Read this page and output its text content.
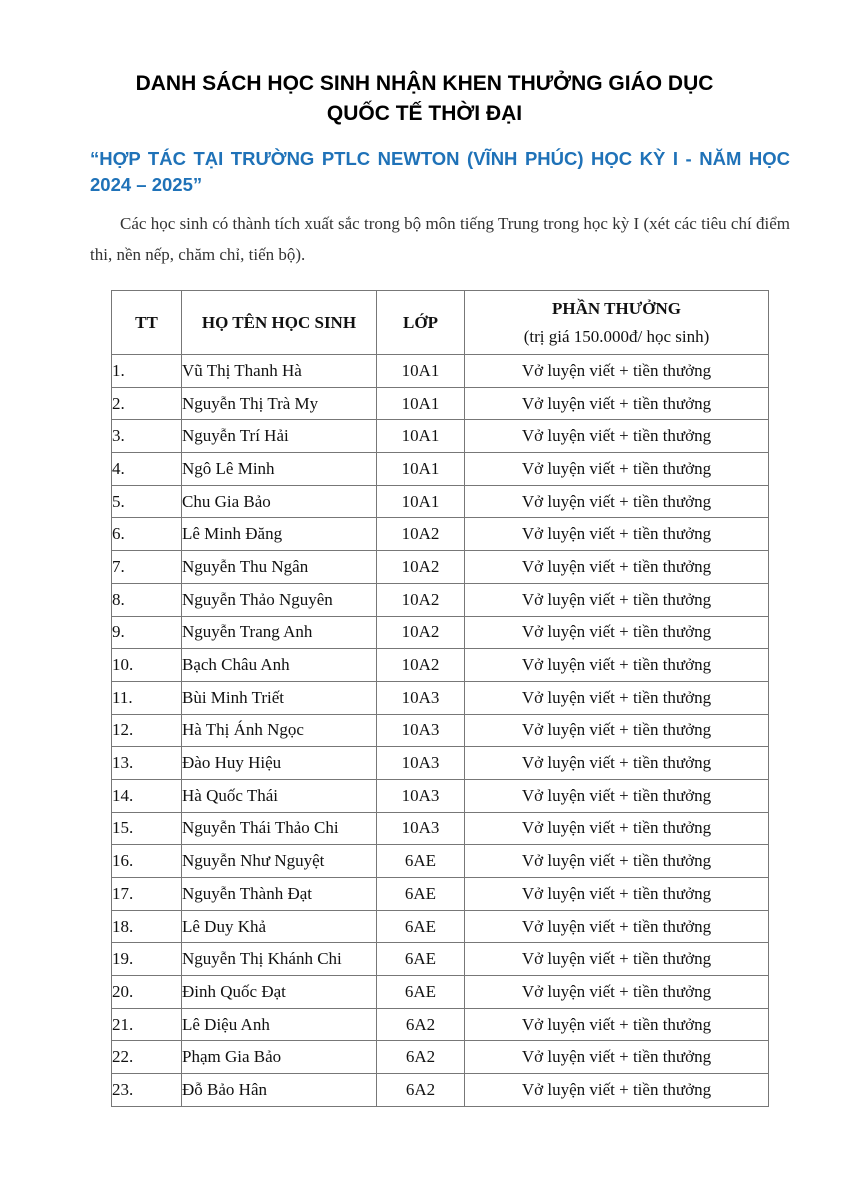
DANH SÁCH HỌC SINH NHẬN KHEN THƯỞNG GIÁO DỤC
QUỐC TẾ THỜI ĐẠI
“HỢP TÁC TẠI TRƯỜNG PTLC NEWTON (VĨNH PHÚC) HỌC KỲ I - NĂM HỌC 2024 – 2025”
Các học sinh có thành tích xuất sắc trong bộ môn tiếng Trung trong học kỳ I (xét các tiêu chí điểm thi, nền nếp, chăm chỉ, tiến bộ).
TT	HỌ TÊN HỌC SINH	LỚP	PHẦN THƯỞNG
(trị giá 150.000đ/ học sinh)

1.	Vũ Thị Thanh Hà	10A1	Vở luyện viết + tiền thưởng
2.	Nguyễn Thị Trà My	10A1	Vở luyện viết + tiền thưởng
3.	Nguyễn Trí Hải	10A1	Vở luyện viết + tiền thưởng
4.	Ngô Lê Minh	10A1	Vở luyện viết + tiền thưởng
5.	Chu Gia Bảo	10A1	Vở luyện viết + tiền thưởng
6.	Lê Minh Đăng	10A2	Vở luyện viết + tiền thưởng
7.	Nguyễn Thu Ngân	10A2	Vở luyện viết + tiền thưởng
8.	Nguyễn Thảo Nguyên	10A2	Vở luyện viết + tiền thưởng
9.	Nguyễn Trang Anh	10A2	Vở luyện viết + tiền thưởng
10.	Bạch Châu Anh	10A2	Vở luyện viết + tiền thưởng
11.	Bùi Minh Triết	10A3	Vở luyện viết + tiền thưởng
12.	Hà Thị Ánh Ngọc	10A3	Vở luyện viết + tiền thưởng
13.	Đào Huy Hiệu	10A3	Vở luyện viết + tiền thưởng
14.	Hà Quốc Thái	10A3	Vở luyện viết + tiền thưởng
15.	Nguyễn Thái Thảo Chi	10A3	Vở luyện viết + tiền thưởng
16.	Nguyễn Như Nguyệt	6AE	Vở luyện viết + tiền thưởng
17.	Nguyễn Thành Đạt	6AE	Vở luyện viết + tiền thưởng
18.	Lê Duy Khả	6AE	Vở luyện viết + tiền thưởng
19.	Nguyễn Thị Khánh Chi	6AE	Vở luyện viết + tiền thưởng
20.	Đinh Quốc Đạt	6AE	Vở luyện viết + tiền thưởng
21.	Lê Diệu Anh	6A2	Vở luyện viết + tiền thưởng
22.	Phạm Gia Bảo	6A2	Vở luyện viết + tiền thưởng
23.	Đỗ Bảo Hân	6A2	Vở luyện viết + tiền thưởng
